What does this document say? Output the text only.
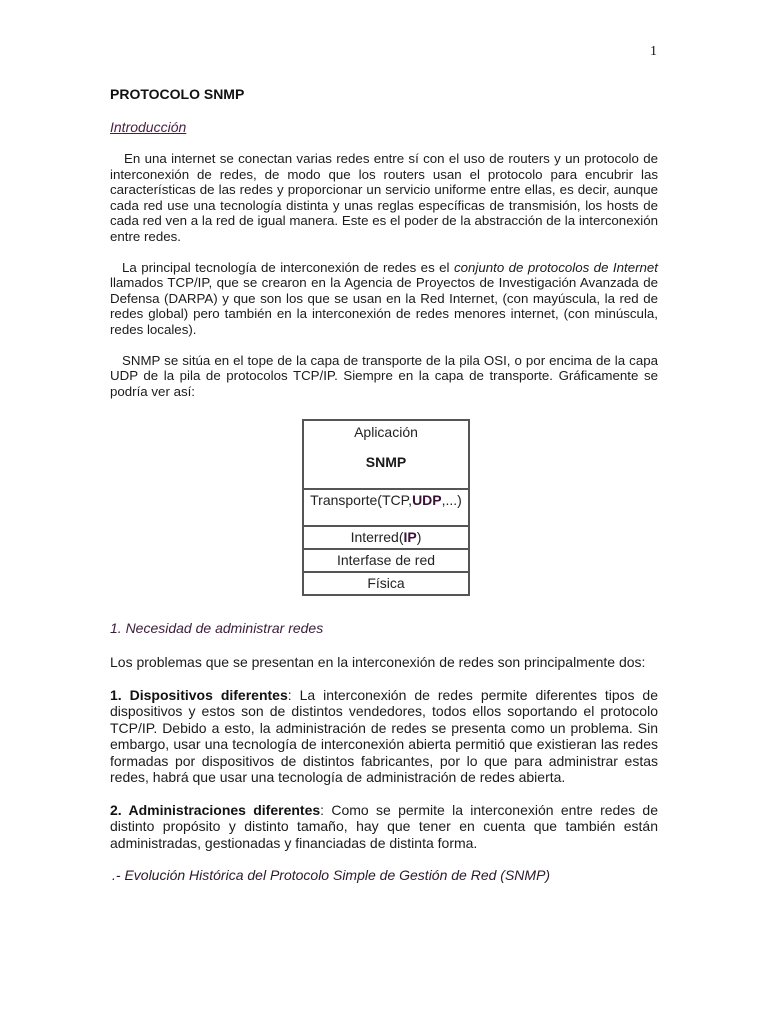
1
PROTOCOLO SNMP
Introducción

En una internet se conectan varias redes entre sí con el uso de routers y un protocolo de interconexión de redes, de modo que los routers usan el protocolo para encubrir las características de las redes y proporcionar un servicio uniforme entre ellas, es decir, aunque cada red use una tecnología distinta y unas reglas específicas de transmisión, los hosts de cada red ven a la red de igual manera. Este es el poder de la abstracción de la interconexión entre redes.

La principal tecnología de interconexión de redes es el conjunto de protocolos de Internet llamados TCP/IP, que se crearon en la Agencia de Proyectos de Investigación Avanzada de Defensa (DARPA) y que son los que se usan en la Red Internet, (con mayúscula, la red de redes global) pero también en la interconexión de redes menores internet, (con minúscula, redes locales).

SNMP se sitúa en el tope de la capa de transporte de la pila OSI, o por encima de la capa UDP de la pila de protocolos TCP/IP. Siempre en la capa de transporte. Gráficamente se podría ver así:

Aplicación
SNMP
Transporte(TCP,UDP,...)
Interred(IP)
Interfase de red
Física
1. Necesidad de administrar redes

Los problemas que se presentan en la interconexión de redes son principalmente dos:

1. Dispositivos diferentes: La interconexión de redes permite diferentes tipos de dispositivos y estos son de distintos vendedores, todos ellos soportando el protocolo TCP/IP. Debido a esto, la administración de redes se presenta como un problema. Sin embargo, usar una tecnología de interconexión abierta permitió que existieran las redes formadas por dispositivos de distintos fabricantes, por lo que para administrar estas redes, habrá que usar una tecnología de administración de redes abierta.

2. Administraciones diferentes: Como se permite la interconexión entre redes de distinto propósito y distinto tamaño, hay que tener en cuenta que también están administradas, gestionadas y financiadas de distinta forma.

.- Evolución Histórica del Protocolo Simple de Gestión de Red (SNMP)
